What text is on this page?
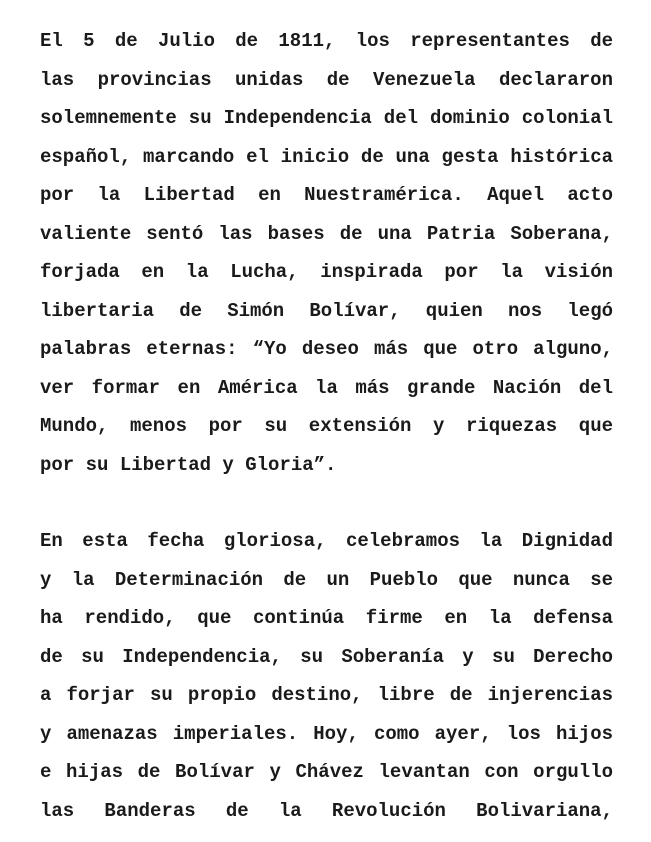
El 5 de Julio de 1811, los representantes de
las provincias unidas de Venezuela declararon
solemnemente su Independencia del dominio colonial
español, marcando el inicio de una gesta histórica
por la Libertad en Nuestramérica. Aquel acto
valiente sentó las bases de una Patria Soberana,
forjada en la Lucha, inspirada por la visión
libertaria de Simón Bolívar, quien nos legó
palabras eternas: “Yo deseo más que otro alguno,
ver formar en América la más grande Nación del
Mundo, menos por su extensión y riquezas que
por su Libertad y Gloria”.
En esta fecha gloriosa, celebramos la Dignidad
y la Determinación de un Pueblo que nunca se
ha rendido, que continúa firme en la defensa
de su Independencia, su Soberanía y su Derecho
a forjar su propio destino, libre de injerencias
y amenazas imperiales. Hoy, como ayer, los hijos
e hijas de Bolívar y Chávez levantan con orgullo
las Banderas de la Revolución Bolivariana,
